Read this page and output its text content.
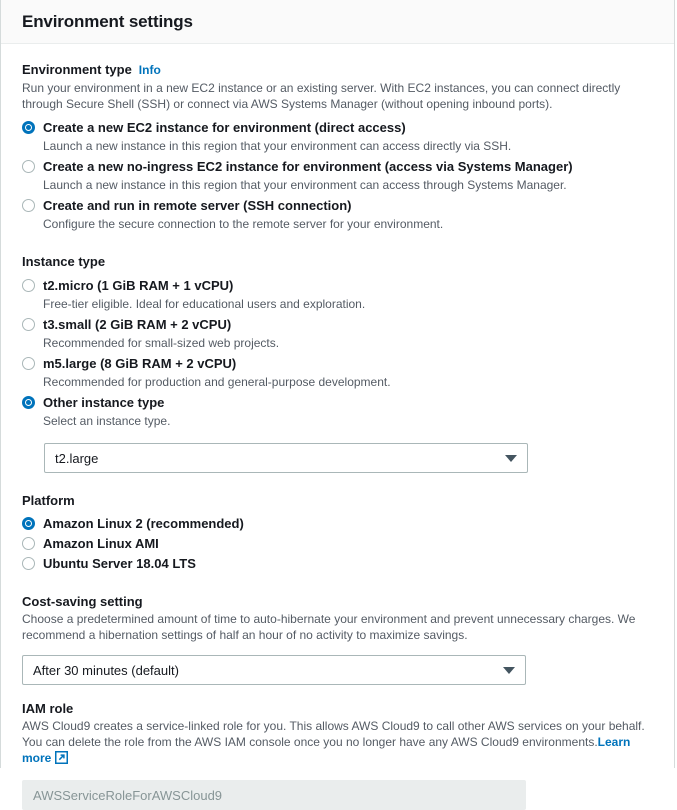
Environment settings
Environment type Info
Run your environment in a new EC2 instance or an existing server. With EC2 instances, you can connect directly through Secure Shell (SSH) or connect via AWS Systems Manager (without opening inbound ports).
Create a new EC2 instance for environment (direct access)
Launch a new instance in this region that your environment can access directly via SSH.
Create a new no-ingress EC2 instance for environment (access via Systems Manager)
Launch a new instance in this region that your environment can access through Systems Manager.
Create and run in remote server (SSH connection)
Configure the secure connection to the remote server for your environment.
Instance type
t2.micro (1 GiB RAM + 1 vCPU)
Free-tier eligible. Ideal for educational users and exploration.
t3.small (2 GiB RAM + 2 vCPU)
Recommended for small-sized web projects.
m5.large (8 GiB RAM + 2 vCPU)
Recommended for production and general-purpose development.
Other instance type
Select an instance type.
t2.large
Platform
Amazon Linux 2 (recommended)
Amazon Linux AMI
Ubuntu Server 18.04 LTS
Cost-saving setting
Choose a predetermined amount of time to auto-hibernate your environment and prevent unnecessary charges. We recommend a hibernation settings of half an hour of no activity to maximize savings.
After 30 minutes (default)
IAM role
AWS Cloud9 creates a service-linked role for you. This allows AWS Cloud9 to call other AWS services on your behalf. You can delete the role from the AWS IAM console once you no longer have any AWS Cloud9 environments.Learn more
AWSServiceRoleForAWSCloud9
